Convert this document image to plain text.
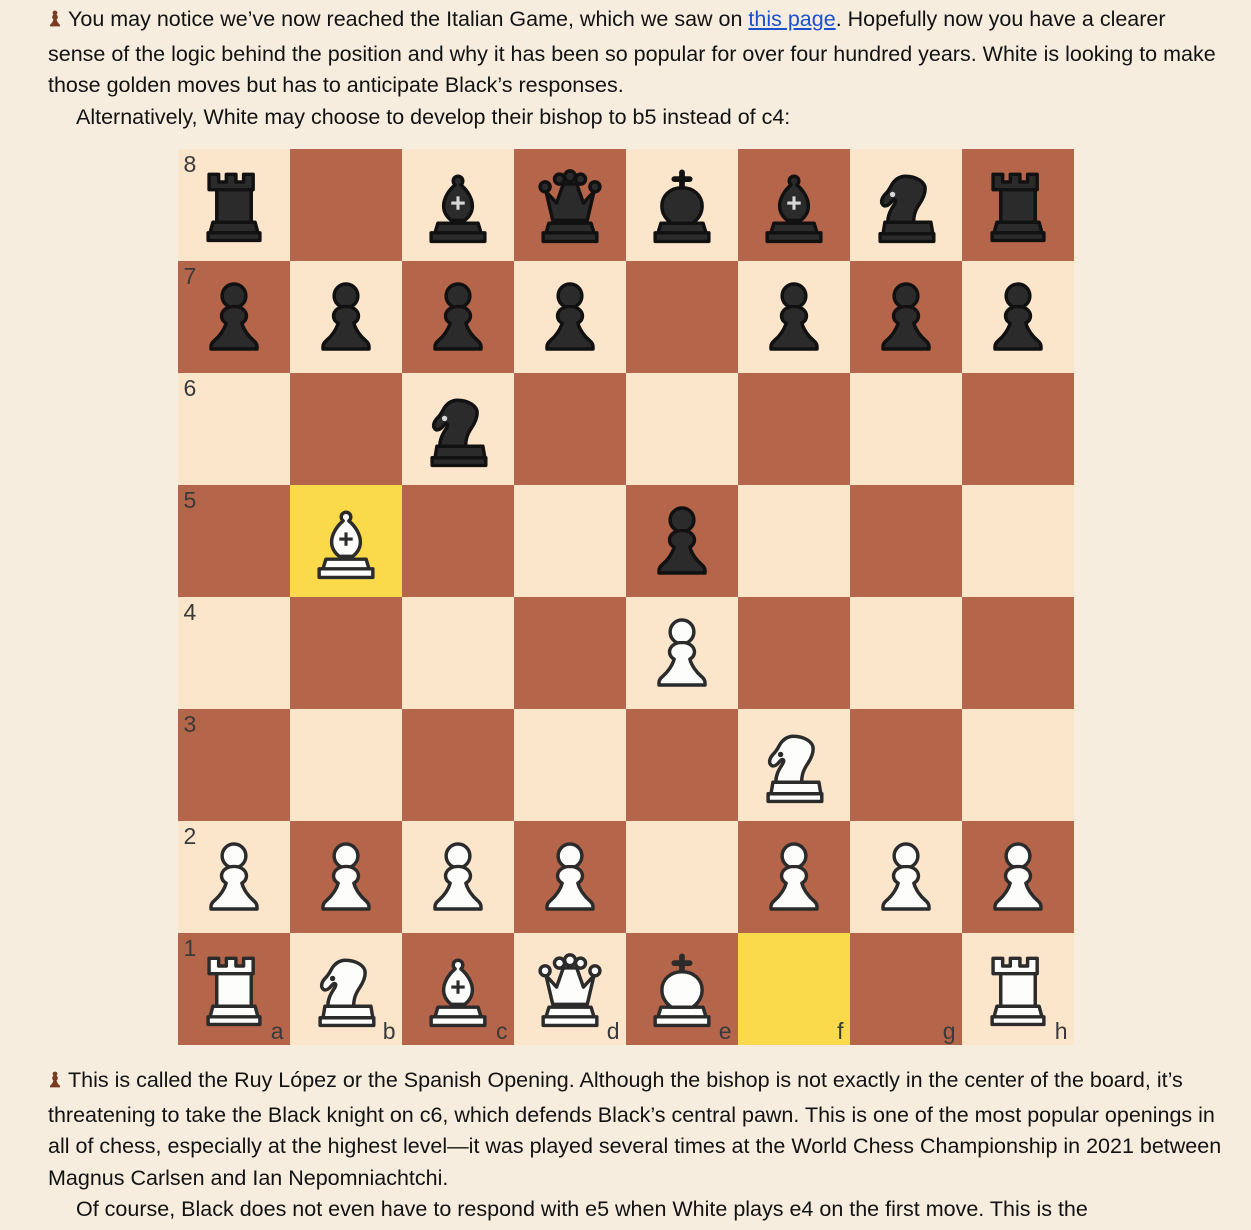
You may notice we’ve now reached the Italian Game, which we saw on this page. Hopefully now you have a clearer sense of the logic behind the position and why it has been so popular for over four hundred years. White is looking to make those golden moves but has to anticipate Black’s responses.

Alternatively, White may choose to develop their bishop to b5 instead of c4:

8
7
6
5
4
3
2
1
a	b	c	d	e	f	g	h

This is called the Ruy López or the Spanish Opening. Although the bishop is not exactly in the center of the board, it’s threatening to take the Black knight on c6, which defends Black’s central pawn. This is one of the most popular openings in all of chess, especially at the highest level—it was played several times at the World Chess Championship in 2021 between Magnus Carlsen and Ian Nepomniachtchi.

Of course, Black does not even have to respond with e5 when White plays e4 on the first move. This is the
